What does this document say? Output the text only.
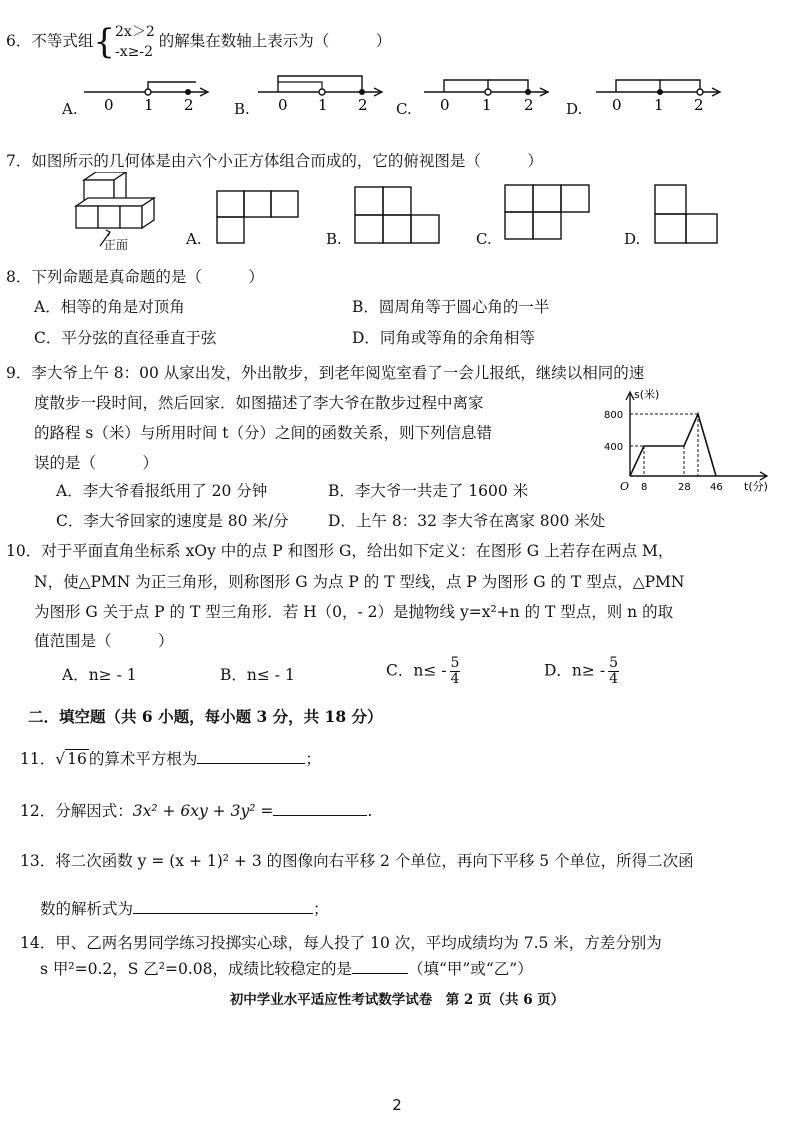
6．不等式组{ 2x＞2
-x≥-2
的解集在数轴上表示为（　　　）
A.	B.	C.	D.
0 1 2	0 1 2	0 1 2	0 1 2
7．如图所示的几何体是由六个小正方体组合而成的，它的俯视图是（　　　）
正面	A.	B.	C.	D.
8．下列命题是真命题的是（　　　）
A．相等的角是对顶角	B．圆周角等于圆心角的一半
C．平分弦的直径垂直于弦	D．同角或等角的余角相等
9．李大爷上午 8：00 从家出发，外出散步，到老年阅览室看了一会儿报纸，继续以相同的速
度散步一段时间，然后回家．如图描述了李大爷在散步过程中离家
的路程 s（米）与所用时间 t（分）之间的函数关系，则下列信息错
误的是（　　　）
A．李大爷看报纸用了 20 分钟	B．李大爷一共走了 1600 米
C．李大爷回家的速度是 80 米/分	D．上午 8：32 李大爷在离家 800 米处
s(米)
800
400
O 8	28 46 t(分)
10．对于平面直角坐标系 xOy 中的点 P 和图形 G，给出如下定义：在图形 G 上若存在两点 M，
N，使△PMN 为正三角形，则称图形 G 为点 P 的 T 型线，点 P 为图形 G 的 T 型点，△PMN
为图形 G 关于点 P 的 T 型三角形．若 H（0，- 2）是抛物线 y=x²+n 的 T 型点，则 n 的取
值范围是（　　　）
A．n≥ - 1	B．n≤ - 1	C．$n\le - \frac{5}{4}$	D．$n\ge - \frac{5}{4}$
二．填空题（共 6 小题，每小题 3 分，共 18 分）
11．√ 16 的算术平方根为	；
12．分解因式：3x² + 6xy + 3y² =	.
13．将二次函数 y = (x + 1)² + 3 的图像向右平移 2 个单位，再向下平移 5 个单位，所得二次函
数的解析式为	；
14．甲、乙两名男同学练习投掷实心球，每人投了 10 次，平均成绩均为 7.5 米，方差分别为
s 甲²=0.2，S 乙²=0.08，成绩比较稳定的是	（填“甲”或“乙”）
初中学业水平适应性考试数学试卷　第 2 页（共 6 页）
2
